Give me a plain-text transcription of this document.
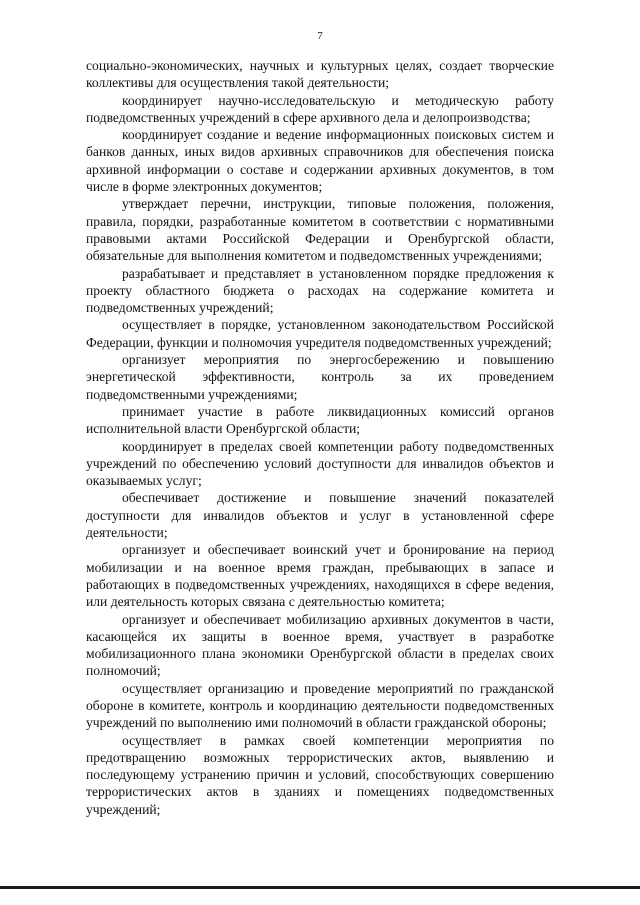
7

социально-экономических, научных и культурных целях, создает творческие коллективы для осуществления такой деятельности;

координирует научно-исследовательскую и методическую работу подведомственных учреждений в сфере архивного дела и делопроизводства;

координирует создание и ведение информационных поисковых систем и банков данных, иных видов архивных справочников для обеспечения поиска архивной информации о составе и содержании архивных документов, в том числе в форме электронных документов;

утверждает перечни, инструкции, типовые положения, положения, правила, порядки, разработанные комитетом в соответствии с нормативными правовыми актами Российской Федерации и Оренбургской области, обязательные для выполнения комитетом и подведомственных учреждениями;

разрабатывает и представляет в установленном порядке предложения к проекту областного бюджета о расходах на содержание комитета и подведомственных учреждений;

осуществляет в порядке, установленном законодательством Российской Федерации, функции и полномочия учредителя подведомственных учреждений;

организует мероприятия по энергосбережению и повышению энергетической эффективности, контроль за их проведением подведомственными учреждениями;

принимает участие в работе ликвидационных комиссий органов исполнительной власти Оренбургской области;

координирует в пределах своей компетенции работу подведомственных учреждений по обеспечению условий доступности для инвалидов объектов и оказываемых услуг;

обеспечивает достижение и повышение значений показателей доступности для инвалидов объектов и услуг в установленной сфере деятельности;

организует и обеспечивает воинский учет и бронирование на период мобилизации и на военное время граждан, пребывающих в запасе и работающих в подведомственных учреждениях, находящихся в сфере ведения, или деятельность которых связана с деятельностью комитета;

организует и обеспечивает мобилизацию архивных документов в части, касающейся их защиты в военное время, участвует в разработке мобилизационного плана экономики Оренбургской области в пределах своих полномочий;

осуществляет организацию и проведение мероприятий по гражданской обороне в комитете, контроль и координацию деятельности подведомственных учреждений по выполнению ими полномочий в области гражданской обороны;

осуществляет в рамках своей компетенции мероприятия по предотвращению возможных террористических актов, выявлению и последующему устранению причин и условий, способствующих совершению террористических актов в зданиях и помещениях подведомственных учреждений;
